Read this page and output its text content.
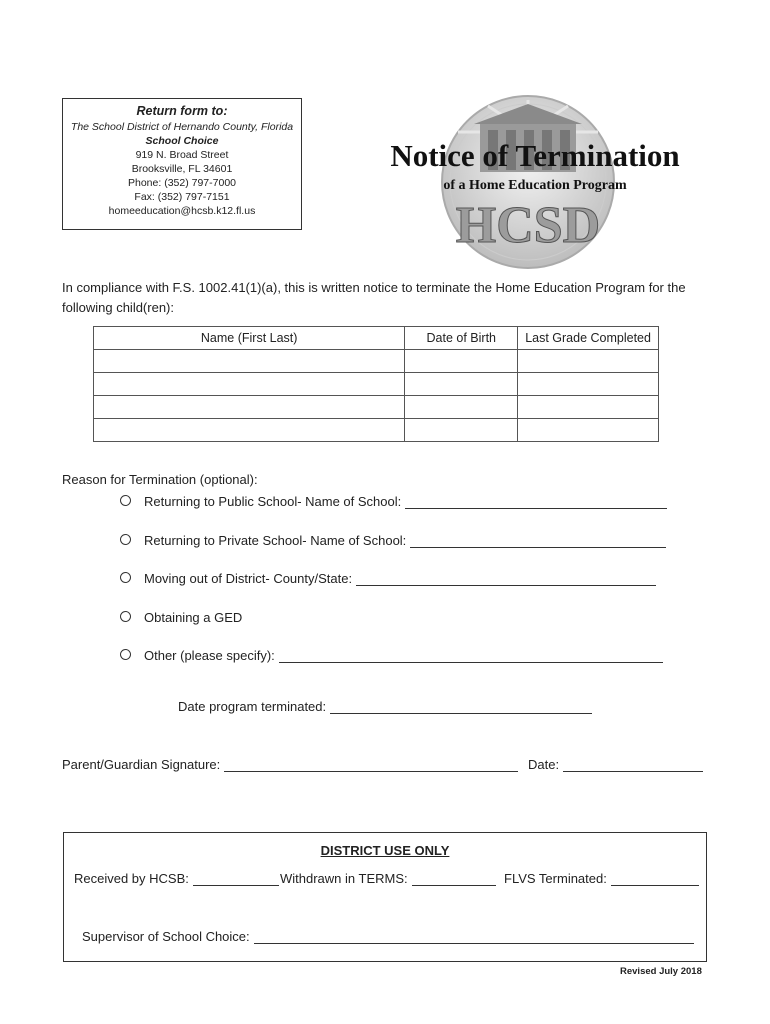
Return form to:
The School District of Hernando County, Florida
School Choice
919 N. Broad Street
Brooksville, FL 34601
Phone: (352) 797-7000
Fax: (352) 797-7151
homeeducation@hcsb.k12.fl.us	HCSD
Notice of Termination
of a Home Education Program
In compliance with F.S. 1002.41(1)(a), this is written notice to terminate the Home Education Program for the following child(ren):
Name (First Last)	Date of Birth	Last Grade Completed

Reason for Termination (optional):
Returning to Public School- Name of School:
Returning to Private School- Name of School:
Moving out of District- County/State:
Obtaining a GED
Other (please specify):
Date program terminated:
Parent/Guardian Signature:	Date:
DISTRICT USE ONLY
Received by HCSB:	Withdrawn in TERMS:	FLVS Terminated:
Supervisor of School Choice:
Revised July 2018
